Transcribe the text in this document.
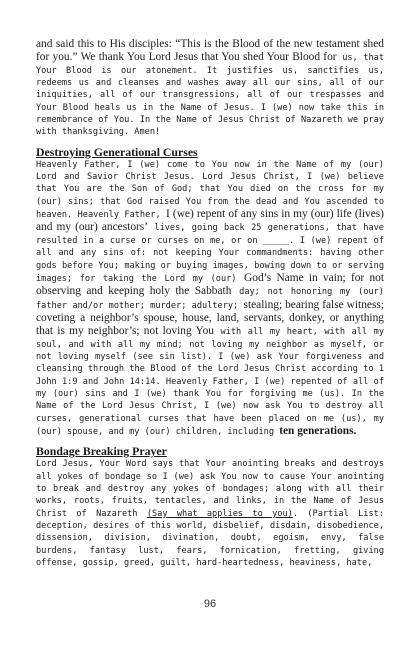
and said this to His disciples: “This is the Blood of the new testament shed for you.” We thank You Lord Jesus that You shed Your Blood for us, that Your Blood is our atonement. It justifies us, sanctifies us, redeems us and cleanses and washes away all our sins, all of our iniquities, all of our transgressions, all of our trespasses and Your Blood heals us in the Name of Jesus. I (we) now take this in remembrance of You. In the Name of Jesus Christ of Nazareth we pray with thanksgiving. Amen!

Destroying Generational Curses

Heavenly Father, I (we) come to You now in the Name of my (our) Lord and Savior Christ Jesus. Lord Jesus Christ, I (we) believe that You are the Son of God; that You died on the cross for my (our) sins; that God raised You from the dead and You ascended to heaven. Heavenly Father, I (we) repent of any sins in my (our) life (lives) and my (our) ancestors’ lives, going back 25 generations, that have resulted in a curse or curses on me, or on _____. I (we) repent of all and any sins of: not keeping Your commandments: having other gods before You; making or buying images, bowing down to or serving images; for taking the Lord my (our) God’s Name in vain; for not observing and keeping holy the Sabbath day; not honoring my (our) father and/or mother; murder; adultery; stealing; bearing false witness; coveting a neighbor’s spouse, house, land, servants, donkey, or anything that is my neighbor’s; not loving You with all my heart, with all my soul, and with all my mind; not loving my neighbor as myself, or not loving myself (see sin list). I (we) ask Your forgiveness and cleansing through the Blood of the Lord Jesus Christ according to 1 John 1:9 and John 14:14. Heavenly Father, I (we) repented of all of my (our) sins and I (we) thank You for forgiving me (us). In the Name of the Lord Jesus Christ, I (we) now ask You to destroy all curses, generational curses that have been placed on me (us), my (our) spouse, and my (our) children, including ten generations.

Bondage Breaking Prayer

Lord Jesus, Your Word says that Your anointing breaks and destroys all yokes of bondage so I (we) ask You now to cause Your anointing to break and destroy any yokes of bondages; along with all their works, roots, fruits, tentacles, and links, in the Name of Jesus Christ of Nazareth (Say what applies to you). (Partial List: deception, desires of this world, disbelief, disdain, disobedience, dissension, division, divination, doubt, egoism, envy, false burdens, fantasy lust, fears, fornication, fretting, giving offense, gossip, greed, guilt, hard-heartedness, heaviness, hate,

96
